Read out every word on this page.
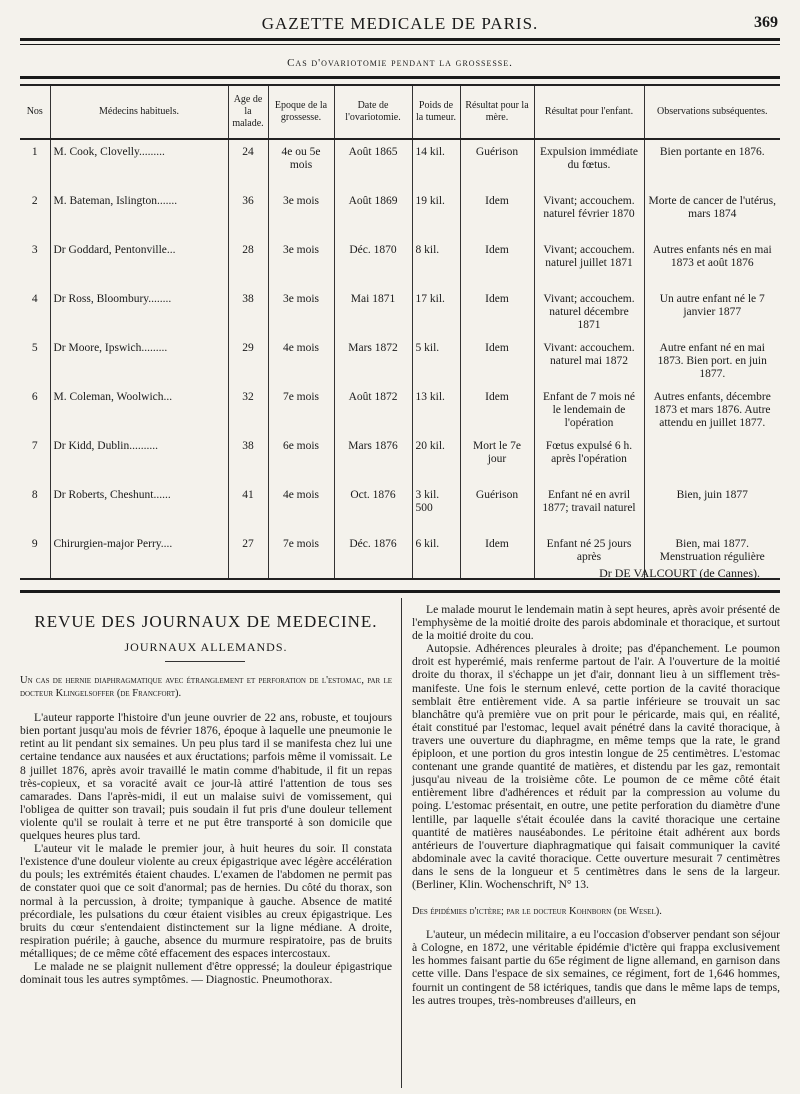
GAZETTE MEDICALE DE PARIS.	369
Cas d'ovariotomie pendant la grossesse.
Nos	Médecins habituels.	Age de la malade.	Epoque de la grossesse.	Date de l'ovariotomie.	Poids de la tumeur.	Résultat pour la mère.	Résultat pour l'enfant.	Observations subséquentes.
1	M. Cook, Clovelly.........	24	4e ou 5e mois	Août 1865	14 kil.	Guérison	Expulsion immédiate du fœtus.	Bien portante en 1876.
2	M. Bateman, Islington.......	36	3e mois	Août 1869	19 kil.	Idem	Vivant; accouchem. naturel février 1870	Morte de cancer de l'utérus, mars 1874
3	Dr Goddard, Pentonville...	28	3e mois	Déc. 1870	8 kil.	Idem	Vivant; accouchem. naturel juillet 1871	Autres enfants nés en mai 1873 et août 1876
4	Dr Ross, Bloombury........	38	3e mois	Mai 1871	17 kil.	Idem	Vivant; accouchem. naturel décembre 1871	Un autre enfant né le 7 janvier 1877
5	Dr Moore, Ipswich.........	29	4e mois	Mars 1872	5 kil.	Idem	Vivant: accouchem. naturel mai 1872	Autre enfant né en mai 1873. Bien port. en juin 1877.
6	M. Coleman, Woolwich...	32	7e mois	Août 1872	13 kil.	Idem	Enfant de 7 mois né le lendemain de l'opération	Autres enfants, décembre 1873 et mars 1876. Autre attendu en juillet 1877.
7	Dr Kidd, Dublin..........	38	6e mois	Mars 1876	20 kil.	Mort le 7e jour	Fœtus expulsé 6 h. après l'opération	
8	Dr Roberts, Cheshunt......	41	4e mois	Oct. 1876	3 kil. 500	Guérison	Enfant né en avril 1877; travail naturel	Bien, juin 1877
9	Chirurgien-major Perry....	27	7e mois	Déc. 1876	6 kil.	Idem	Enfant né 25 jours après	Bien, mai 1877. Menstruation régulière
Dr DE VALCOURT (de Cannes).
REVUE DES JOURNAUX DE MEDECINE.
JOURNAUX ALLEMANDS.

Un cas de hernie diaphragmatique avec étranglement et perforation de l'estomac, par le docteur Klingelsoffer (de Francfort).

L'auteur rapporte l'histoire d'un jeune ouvrier de 22 ans, robuste, et toujours bien portant jusqu'au mois de février 1876, époque à laquelle une pneumonie le retint au lit pendant six semaines. Un peu plus tard il se manifesta chez lui une certaine tendance aux nausées et aux éructations; parfois même il vomissait. Le 8 juillet 1876, après avoir travaillé le matin comme d'habitude, il fit un repas très-copieux, et sa voracité avait ce jour-là attiré l'attention de tous ses camarades. Dans l'après-midi, il eut un malaise suivi de vomissement, qui l'obligea de quitter son travail; puis soudain il fut pris d'une douleur tellement violente qu'il se roulait à terre et ne put être transporté à son domicile que quelques heures plus tard.

L'auteur vit le malade le premier jour, à huit heures du soir. Il constata l'existence d'une douleur violente au creux épigastrique avec légère accélération du pouls; les extrémités étaient chaudes. L'examen de l'abdomen ne permit pas de constater quoi que ce soit d'anormal; pas de hernies. Du côté du thorax, son normal à la percussion, à droite; tympanique à gauche. Absence de matité précordiale, les pulsations du cœur étaient visibles au creux épigastrique. Les bruits du cœur s'entendaient distinctement sur la ligne médiane. A droite, respiration puérile; à gauche, absence du murmure respiratoire, pas de bruits métalliques; de ce même côté effacement des espaces intercostaux.

Le malade ne se plaignit nullement d'être oppressé; la douleur épigastrique dominait tous les autres symptômes. — Diagnostic. Pneumothorax.

Le malade mourut le lendemain matin à sept heures, après avoir présenté de l'emphysème de la moitié droite des parois abdominale et thoracique, et surtout de la moitié droite du cou.

Autopsie. Adhérences pleurales à droite; pas d'épanchement. Le poumon droit est hyperémié, mais renferme partout de l'air. A l'ouverture de la moitié droite du thorax, il s'échappe un jet d'air, donnant lieu à un sifflement très-manifeste. Une fois le sternum enlevé, cette portion de la cavité thoracique semblait être entièrement vide. A sa partie inférieure se trouvait un sac blanchâtre qu'à première vue on prit pour le péricarde, mais qui, en réalité, était constitué par l'estomac, lequel avait pénétré dans la cavité thoracique, à travers une ouverture du diaphragme, en même temps que la rate, le grand épiploon, et une portion du gros intestin longue de 25 centimètres. L'estomac contenant une grande quantité de matières, et distendu par les gaz, remontait jusqu'au niveau de la troisième côte. Le poumon de ce même côté était entièrement libre d'adhérences et réduit par la compression au volume du poing. L'estomac présentait, en outre, une petite perforation du diamètre d'une lentille, par laquelle s'était écoulée dans la cavité thoracique une certaine quantité de matières nauséabondes. Le péritoine était adhérent aux bords antérieurs de l'ouverture diaphragmatique qui faisait communiquer la cavité abdominale avec la cavité thoracique. Cette ouverture mesurait 7 centimètres dans le sens de la longueur et 5 centimètres dans le sens de la largeur. (Berliner, Klin. Wochenschrift, N° 13.

Des épidémies d'ictère; par le docteur Kohnborn (de Wesel).

L'auteur, un médecin militaire, a eu l'occasion d'observer pendant son séjour à Cologne, en 1872, une véritable épidémie d'ictère qui frappa exclusivement les hommes faisant partie du 65e régiment de ligne allemand, en garnison dans cette ville. Dans l'espace de six semaines, ce régiment, fort de 1,646 hommes, fournit un contingent de 58 ictériques, tandis que dans le même laps de temps, les autres troupes, très-nombreuses d'ailleurs, en
